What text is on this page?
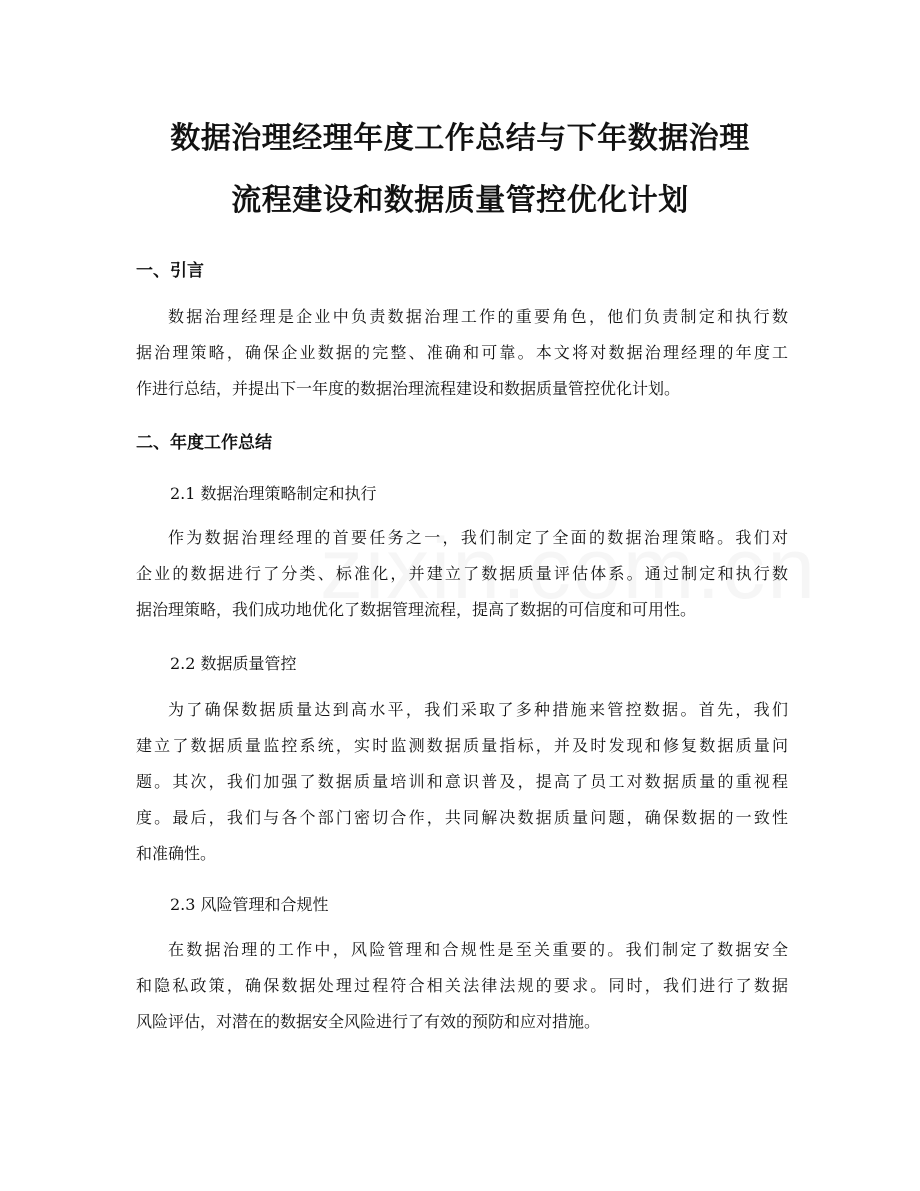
数据治理经理年度工作总结与下年数据治理
流程建设和数据质量管控优化计划
一、引言
数据治理经理是企业中负责数据治理工作的重要角色，他们负责制定和执行数
据治理策略，确保企业数据的完整、准确和可靠。本文将对数据治理经理的年度工
作进行总结，并提出下一年度的数据治理流程建设和数据质量管控优化计划。
二、年度工作总结
2.1 数据治理策略制定和执行
作为数据治理经理的首要任务之一，我们制定了全面的数据治理策略。我们对
企业的数据进行了分类、标准化，并建立了数据质量评估体系。通过制定和执行数
据治理策略，我们成功地优化了数据管理流程，提高了数据的可信度和可用性。
2.2 数据质量管控
为了确保数据质量达到高水平，我们采取了多种措施来管控数据。首先，我们
建立了数据质量监控系统，实时监测数据质量指标，并及时发现和修复数据质量问
题。其次，我们加强了数据质量培训和意识普及，提高了员工对数据质量的重视程
度。最后，我们与各个部门密切合作，共同解决数据质量问题，确保数据的一致性
和准确性。
2.3 风险管理和合规性
在数据治理的工作中，风险管理和合规性是至关重要的。我们制定了数据安全
和隐私政策，确保数据处理过程符合相关法律法规的要求。同时，我们进行了数据
风险评估，对潜在的数据安全风险进行了有效的预防和应对措施。
